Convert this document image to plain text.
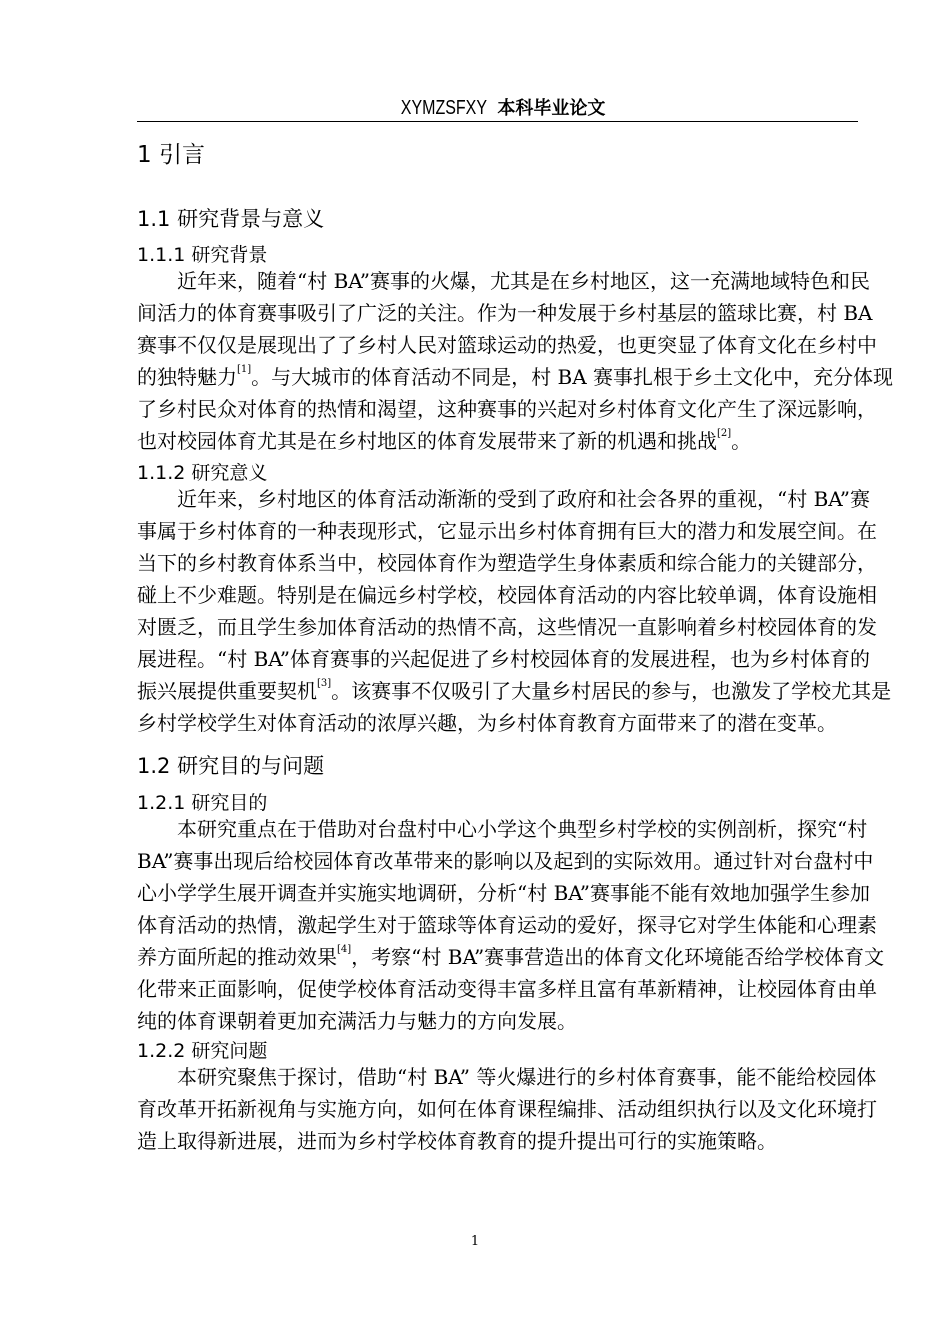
XYMZSFXY 本科毕业论文
1 引言
1.1 研究背景与意义
1.1.1 研究背景
近年来，随着“村 BA”赛事的火爆，尤其是在乡村地区，这一充满地域特色和民
间活力的体育赛事吸引了广泛的关注。作为一种发展于乡村基层的篮球比赛，村 BA
赛事不仅仅是展现出了了乡村人民对篮球运动的热爱，也更突显了体育文化在乡村中
的独特魅力[1]。与大城市的体育活动不同是，村 BA 赛事扎根于乡土文化中，充分体现
了乡村民众对体育的热情和渴望，这种赛事的兴起对乡村体育文化产生了深远影响，
也对校园体育尤其是在乡村地区的体育发展带来了新的机遇和挑战[2]。
1.1.2 研究意义
近年来，乡村地区的体育活动渐渐的受到了政府和社会各界的重视，“村 BA”赛
事属于乡村体育的一种表现形式，它显示出乡村体育拥有巨大的潜力和发展空间。在
当下的乡村教育体系当中，校园体育作为塑造学生身体素质和综合能力的关键部分，
碰上不少难题。特别是在偏远乡村学校，校园体育活动的内容比较单调，体育设施相
对匮乏，而且学生参加体育活动的热情不高，这些情况一直影响着乡村校园体育的发
展进程。“村 BA”体育赛事的兴起促进了乡村校园体育的发展进程，也为乡村体育的
振兴展提供重要契机[3]。该赛事不仅吸引了大量乡村居民的参与，也激发了学校尤其是
乡村学校学生对体育活动的浓厚兴趣，为乡村体育教育方面带来了的潜在变革。
1.2 研究目的与问题
1.2.1 研究目的
本研究重点在于借助对台盘村中心小学这个典型乡村学校的实例剖析，探究“村
BA”赛事出现后给校园体育改革带来的影响以及起到的实际效用。通过针对台盘村中
心小学学生展开调查并实施实地调研，分析“村 BA”赛事能不能有效地加强学生参加
体育活动的热情，激起学生对于篮球等体育运动的爱好，探寻它对学生体能和心理素
养方面所起的推动效果[4]，考察“村 BA”赛事营造出的体育文化环境能否给学校体育文
化带来正面影响，促使学校体育活动变得丰富多样且富有革新精神，让校园体育由单
纯的体育课朝着更加充满活力与魅力的方向发展。
1.2.2 研究问题
本研究聚焦于探讨，借助“村 BA” 等火爆进行的乡村体育赛事，能不能给校园体
育改革开拓新视角与实施方向，如何在体育课程编排、活动组织执行以及文化环境打
造上取得新进展，进而为乡村学校体育教育的提升提出可行的实施策略。
1
